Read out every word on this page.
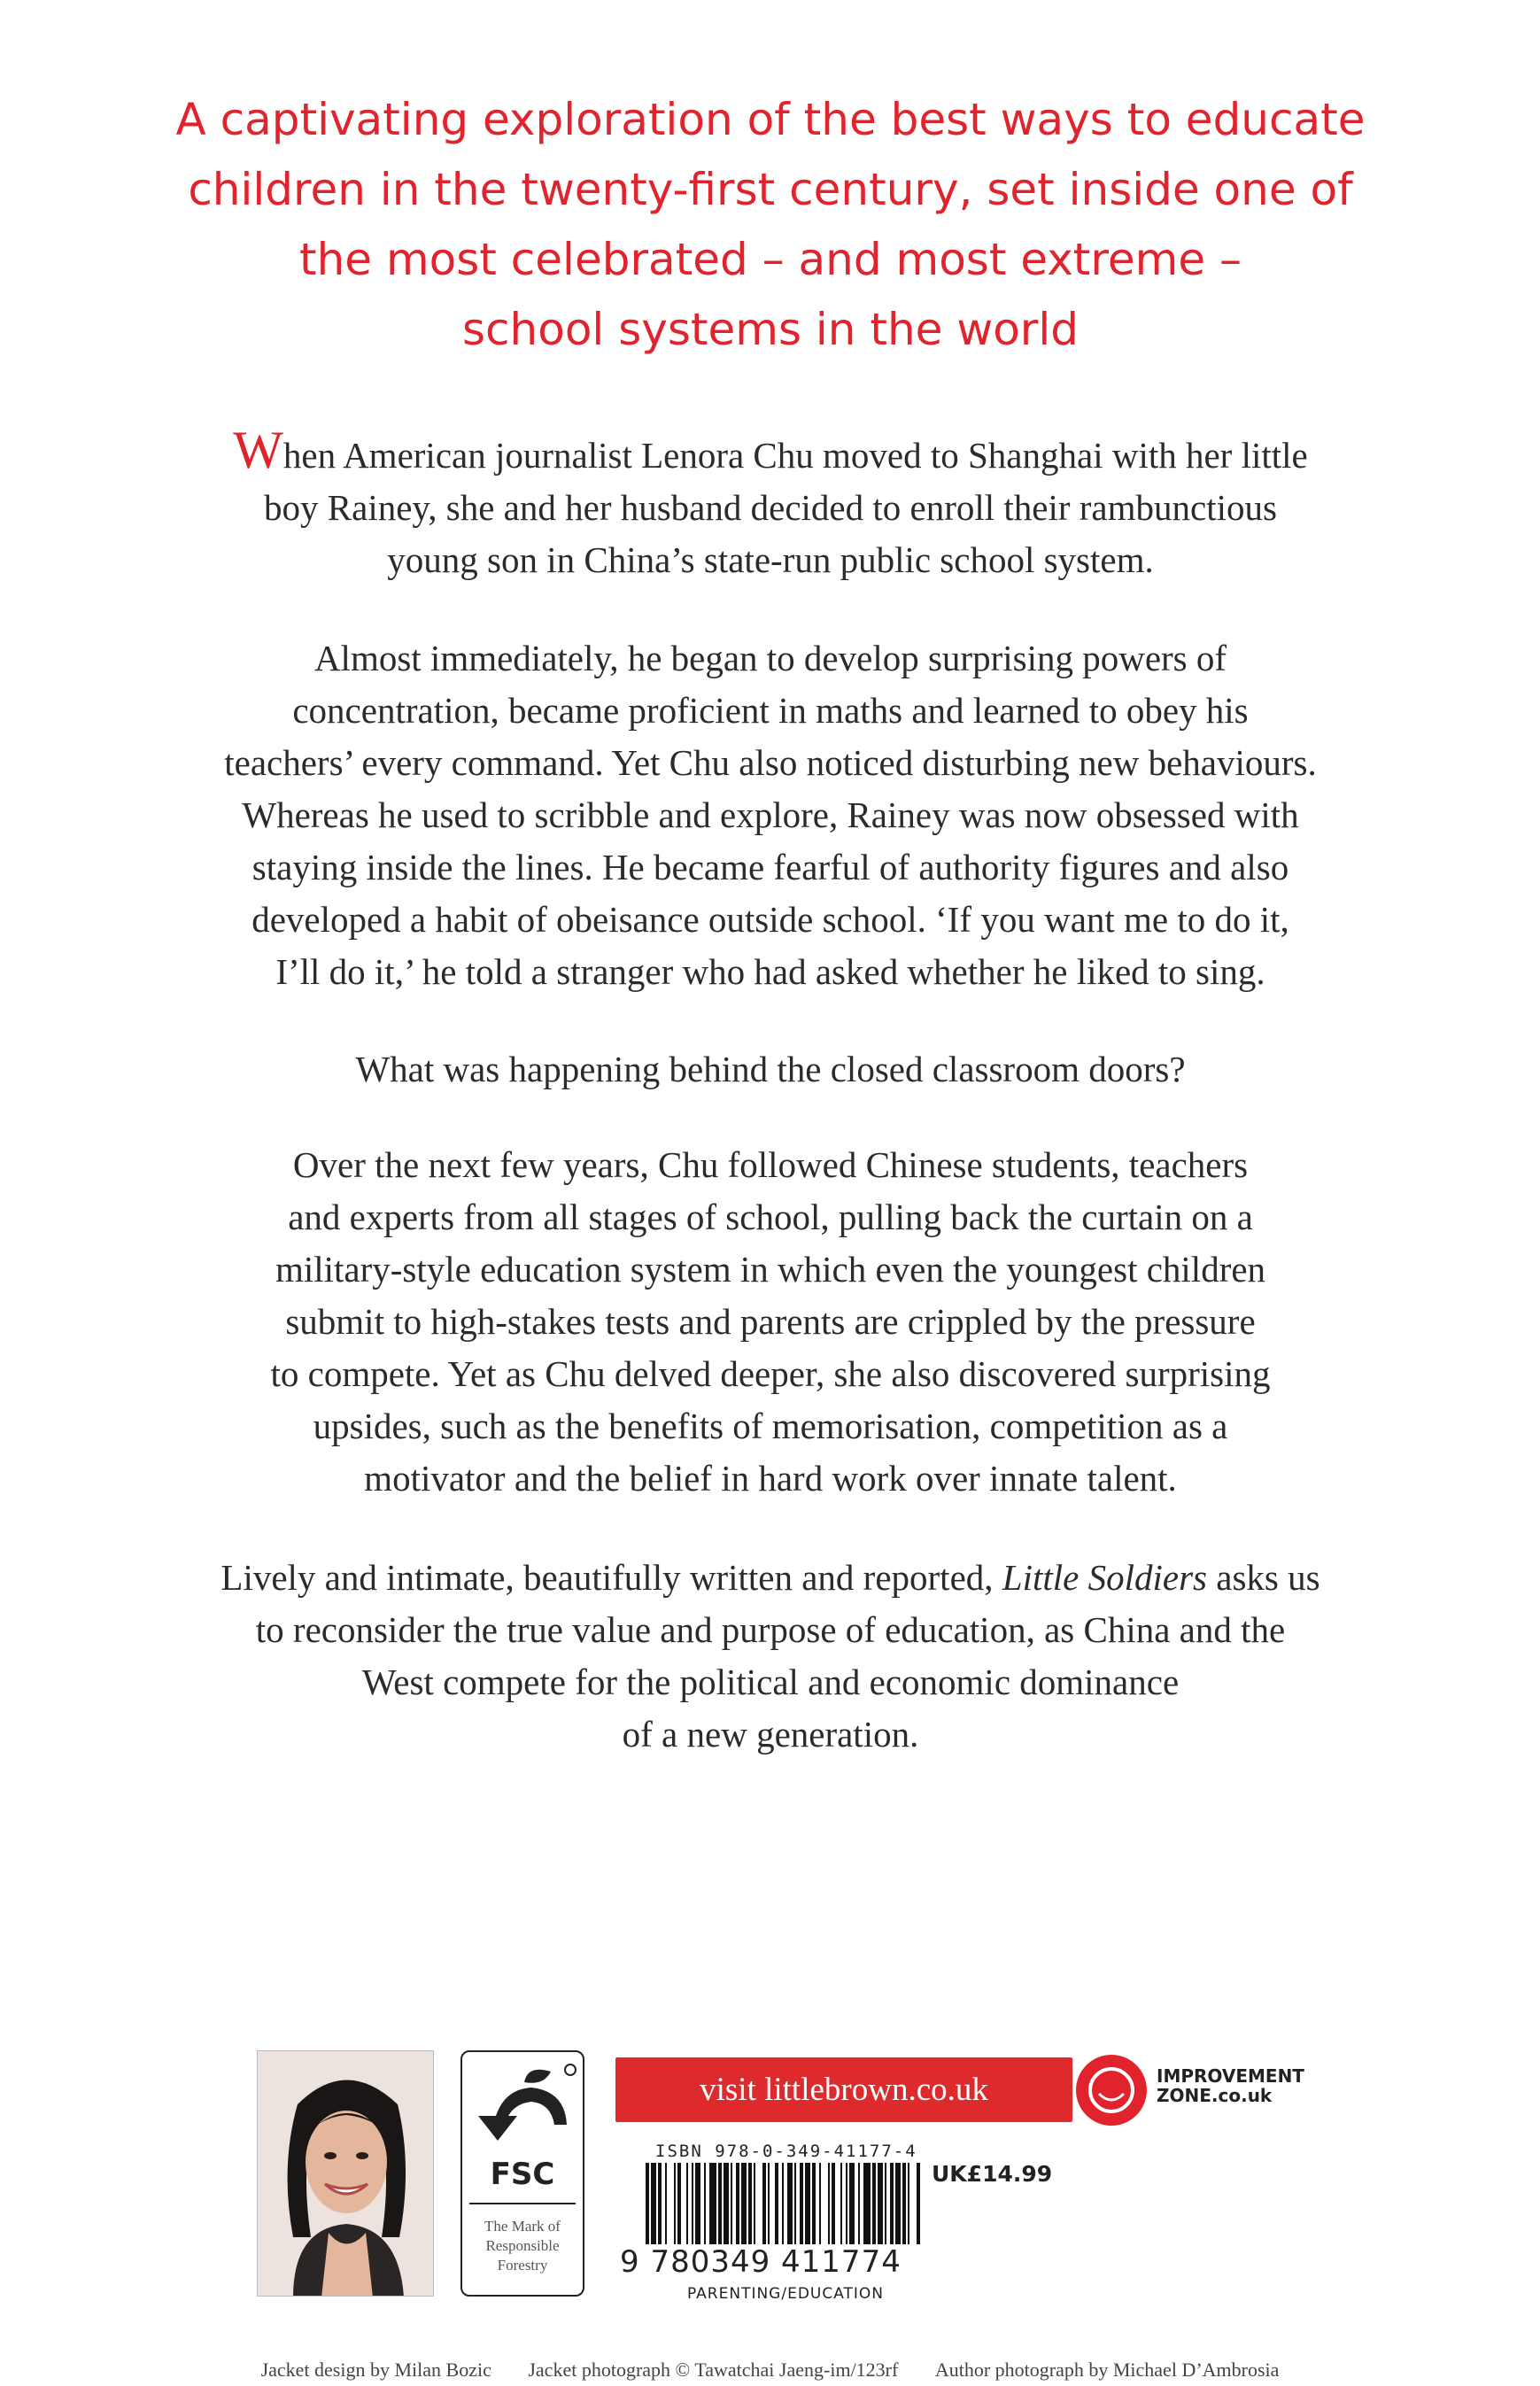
A captivating exploration of the best ways to educate
children in the twenty-first century, set inside one of
the most celebrated – and most extreme –
school systems in the world
When American journalist Lenora Chu moved to Shanghai with her little
boy Rainey, she and her husband decided to enroll their rambunctious
young son in China’s state-run public school system.
Almost immediately, he began to develop surprising powers of
concentration, became proficient in maths and learned to obey his
teachers’ every command. Yet Chu also noticed disturbing new behaviours.
Whereas he used to scribble and explore, Rainey was now obsessed with
staying inside the lines. He became fearful of authority figures and also
developed a habit of obeisance outside school. ‘If you want me to do it,
I’ll do it,’ he told a stranger who had asked whether he liked to sing.
What was happening behind the closed classroom doors?
Over the next few years, Chu followed Chinese students, teachers
and experts from all stages of school, pulling back the curtain on a
military-style education system in which even the youngest children
submit to high-stakes tests and parents are crippled by the pressure
to compete. Yet as Chu delved deeper, she also discovered surprising
upsides, such as the benefits of memorisation, competition as a
motivator and the belief in hard work over innate talent.
Lively and intimate, beautifully written and reported, Little Soldiers asks us
to reconsider the true value and purpose of education, as China and the
West compete for the political and economic dominance
of a new generation.
FSC
The Mark of
Responsible
Forestry
visit littlebrown.co.uk	IMPROVEMENT
ZONE.co.uk
ISBN 978-0-349-41177-4
9 780349 411774
UK£14.99
PARENTING/EDUCATION
Jacket design by Milan Bozic Jacket photograph © Tawatchai Jaeng-im/123rf Author photograph by Michael D’Ambrosia
